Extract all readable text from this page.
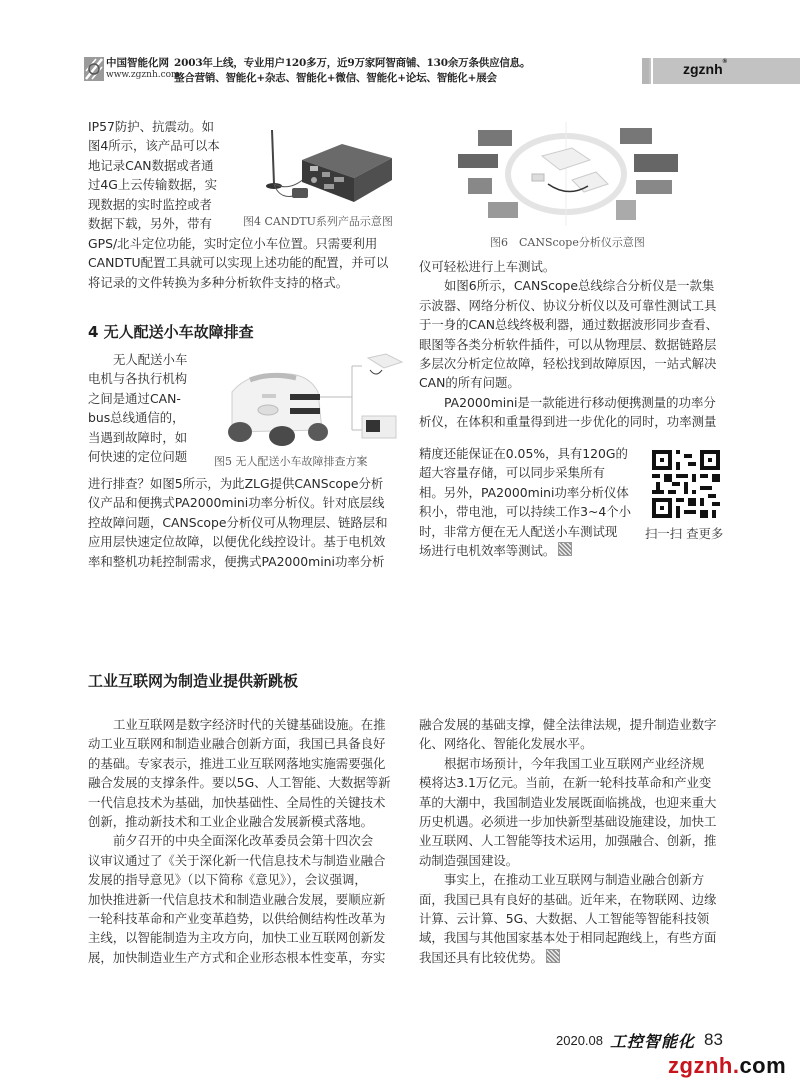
中国智能化网
www.zgznh.com
2003年上线，专业用户120多万，近9万家阿智商铺、130余万条供应信息。
整合营销、智能化+杂志、智能化+微信、智能化+论坛、智能化+展会
zgznh®
IP57防护、抗震动。如
图4所示，该产品可以本
地记录CAN数据或者通
过4G上云传输数据，实
现数据的实时监控或者
数据下载，另外，带有	图4 CANDTU系列产品示意图
GPS/北斗定位功能，实时定位小车位置。只需要利用
CANDTU配置工具就可以实现上述功能的配置，并可以
将记录的文件转换为多种分析软件支持的格式。
4 无人配送小车故障排查
无人配送小车
电机与各执行机构
之间是通过CAN-
bus总线通信的，
当遇到故障时，如
何快速的定位问题 图5 无人配送小车故障排查方案
进行排查？如图5所示，为此ZLG提供CANScope分析
仪产品和便携式PA2000mini功率分析仪。针对底层线
控故障问题，CANScope分析仪可从物理层、链路层和
应用层快速定位故障，以便优化线控设计。基于电机效
率和整机功耗控制需求，便携式PA2000mini功率分析
图6　CANScope分析仪示意图
仪可轻松进行上车测试。
如图6所示，CANScope总线综合分析仪是一款集
示波器、网络分析仪、协议分析仪以及可靠性测试工具
于一身的CAN总线终极利器，通过数据波形同步查看、
眼图等各类分析软件插件，可以从物理层、数据链路层
多层次分析定位故障，轻松找到故障原因，一站式解决
CAN的所有问题。
PA2000mini是一款能进行移动便携测量的功率分
析仪，在体积和重量得到进一步优化的同时，功率测量
精度还能保证在0.05%，具有120G的
超大容量存储，可以同步采集所有
相。另外，PA2000mini功率分析仪体
积小，带电池，可以持续工作3~4个小
时，非常方便在无人配送小车测试现
场进行电机效率等测试。
扫一扫 查更多
工业互联网为制造业提供新跳板
工业互联网是数字经济时代的关键基础设施。在推
动工业互联网和制造业融合创新方面，我国已具备良好
的基础。专家表示，推进工业互联网落地实施需要强化
融合发展的支撑条件。要以5G、人工智能、大数据等新
一代信息技术为基础，加快基础性、全局性的关键技术
创新，推动新技术和工业企业融合发展新模式落地。
前夕召开的中央全面深化改革委员会第十四次会
议审议通过了《关于深化新一代信息技术与制造业融合
发展的指导意见》（以下简称《意见》），会议强调，
加快推进新一代信息技术和制造业融合发展，要顺应新
一轮科技革命和产业变革趋势，以供给侧结构性改革为
主线，以智能制造为主攻方向，加快工业互联网创新发
展，加快制造业生产方式和企业形态根本性变革，夯实
融合发展的基础支撑，健全法律法规，提升制造业数字
化、网络化、智能化发展水平。
根据市场预计，今年我国工业互联网产业经济规
模将达3.1万亿元。当前，在新一轮科技革命和产业变
革的大潮中，我国制造业发展既面临挑战，也迎来重大
历史机遇。必须进一步加快新型基础设施建设，加快工
业互联网、人工智能等技术运用，加强融合、创新，推
动制造强国建设。
事实上，在推动工业互联网与制造业融合创新方
面，我国已具有良好的基础。近年来，在物联网、边缘
计算、云计算、5G、大数据、人工智能等智能科技领
域，我国与其他国家基本处于相同起跑线上，有些方面
我国还具有比较优势。
2020.08 工控智能化 83
zgznh.com
